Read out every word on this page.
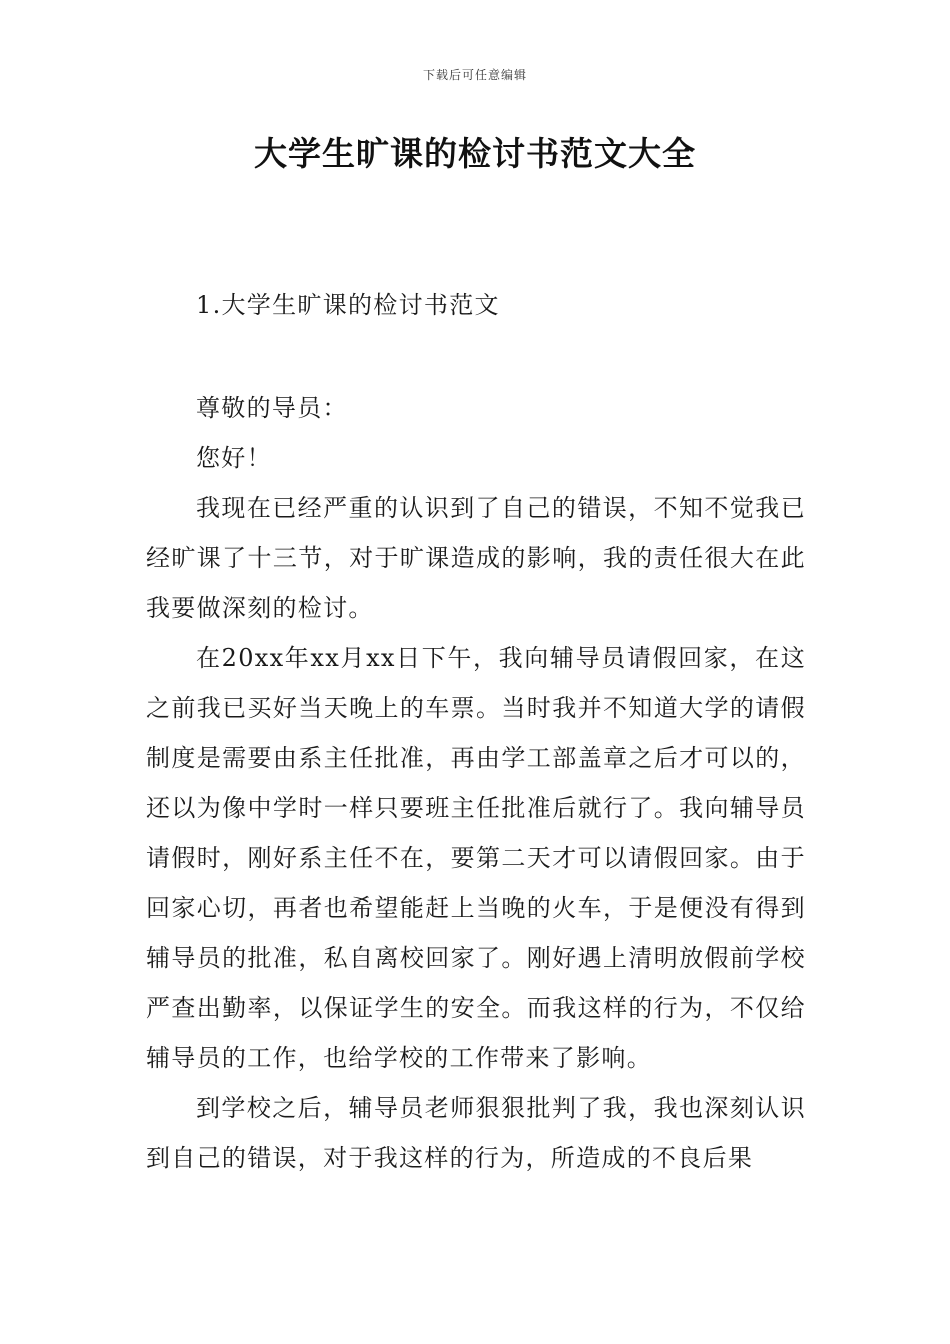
下载后可任意编辑
大学生旷课的检讨书范文大全

1.大学生旷课的检讨书范文

尊敬的导员：

您好！

我现在已经严重的认识到了自己的错误，不知不觉我已经旷课了十三节，对于旷课造成的影响，我的责任很大在此我要做深刻的检讨。

在20xx年xx月xx日下午，我向辅导员请假回家，在这之前我已买好当天晚上的车票。当时我并不知道大学的请假制度是需要由系主任批准，再由学工部盖章之后才可以的，还以为像中学时一样只要班主任批准后就行了。我向辅导员请假时，刚好系主任不在，要第二天才可以请假回家。由于回家心切，再者也希望能赶上当晚的火车，于是便没有得到辅导员的批准，私自离校回家了。刚好遇上清明放假前学校严查出勤率，以保证学生的安全。而我这样的行为，不仅给辅导员的工作，也给学校的工作带来了影响。

到学校之后，辅导员老师狠狠批判了我，我也深刻认识到自己的错误，对于我这样的行为，所造成的不良后果
